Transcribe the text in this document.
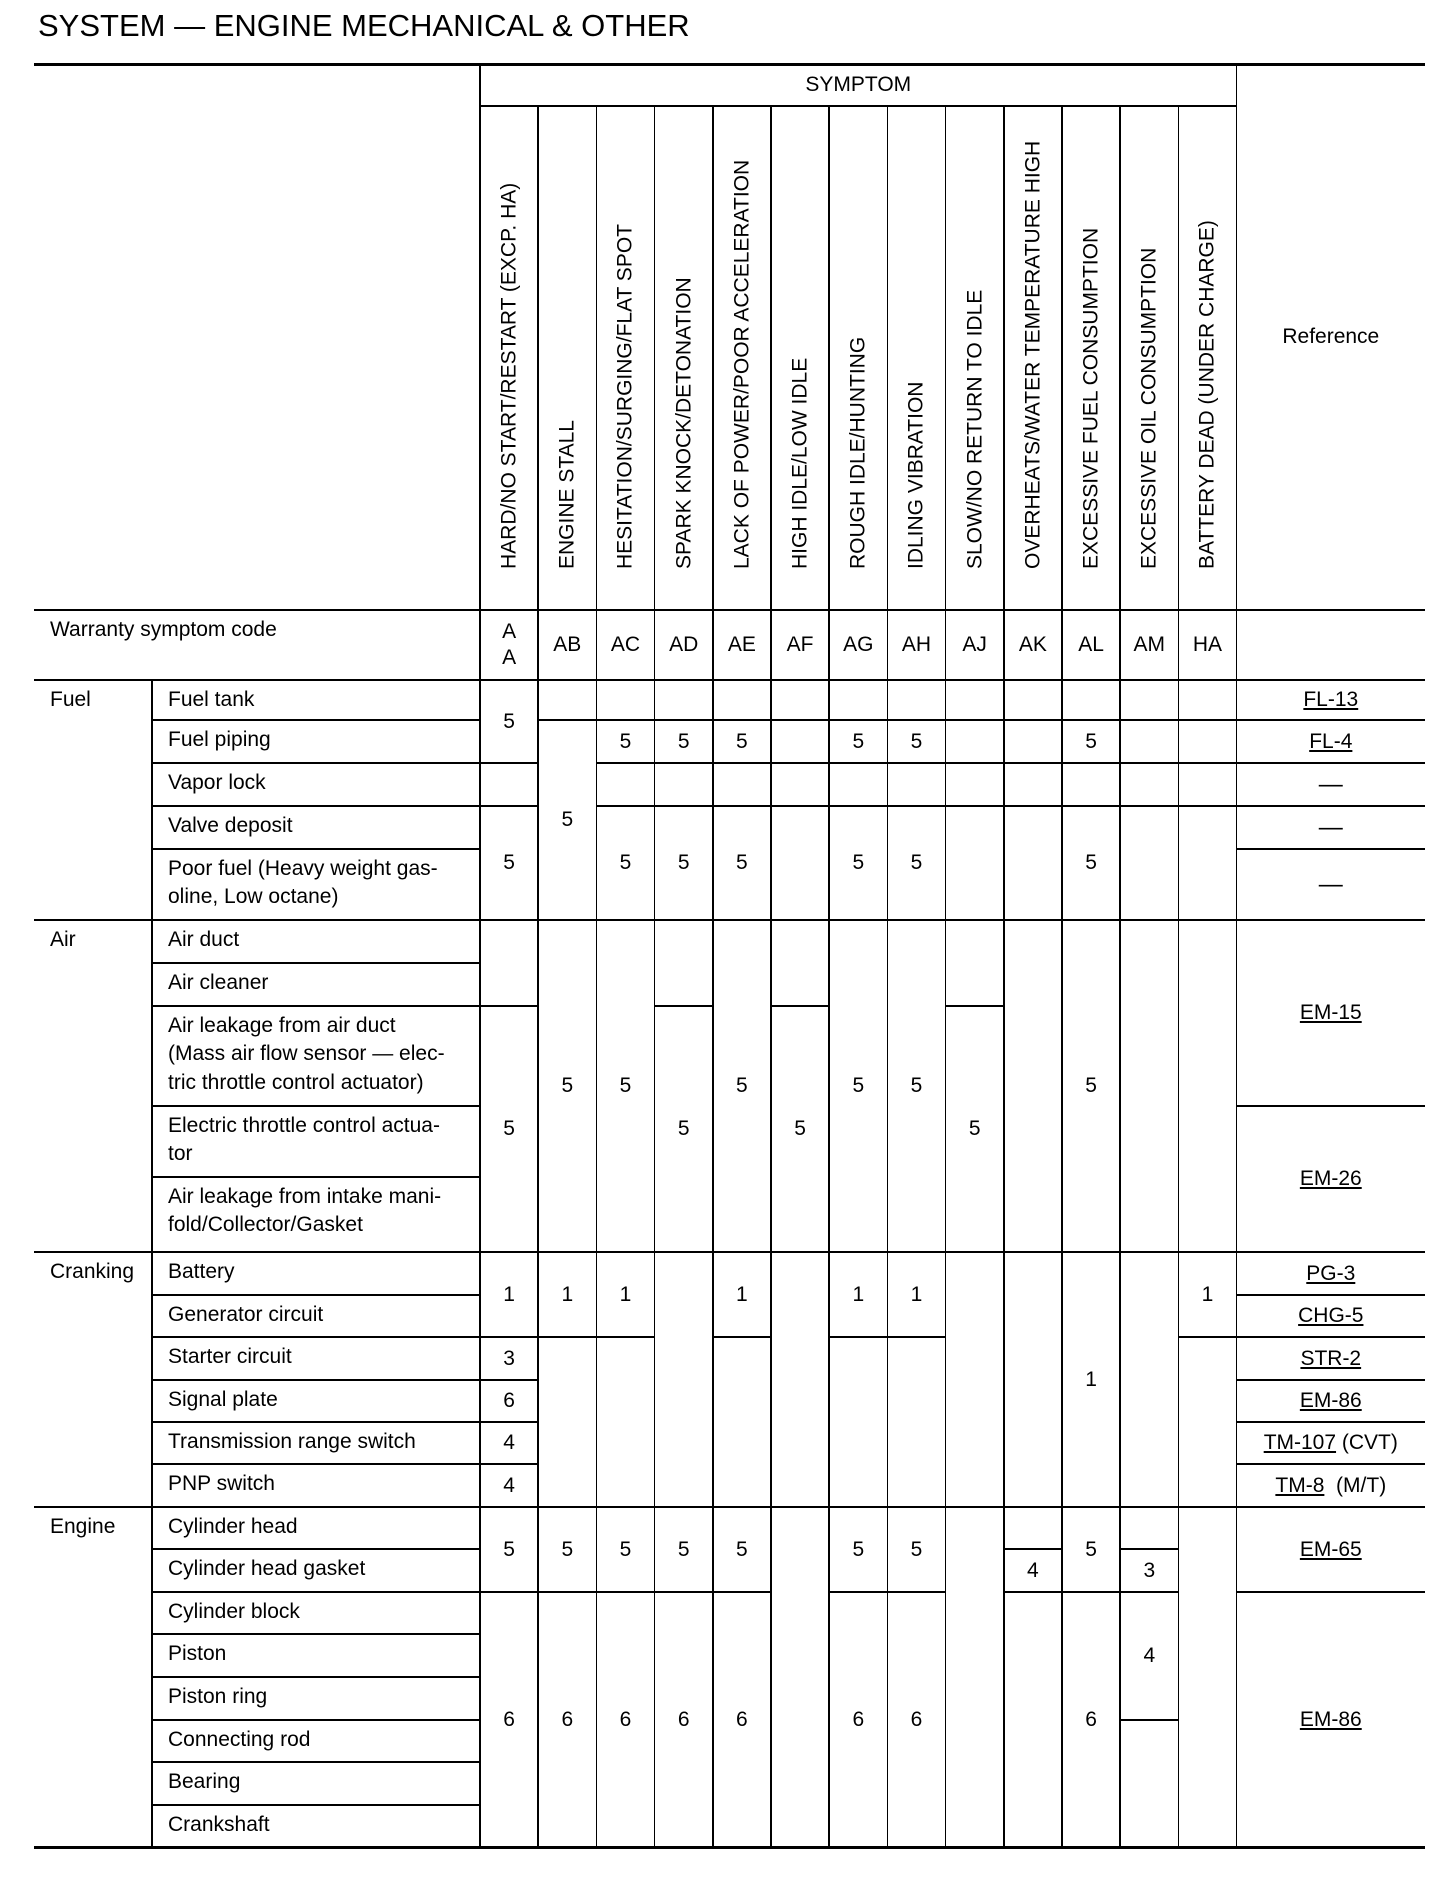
SYSTEM — ENGINE MECHANICAL & OTHER
SYMPTOM
Reference
Warranty symptom code
HARD/NO START/RESTART (EXCP. HA)
A
A
ENGINE STALL
AB
HESITATION/SURGING/FLAT SPOT
AC
SPARK KNOCK/DETONATION
AD
LACK OF POWER/POOR ACCELERATION
AE
HIGH IDLE/LOW IDLE
AF
ROUGH IDLE/HUNTING
AG
IDLING VIBRATION
AH
SLOW/NO RETURN TO IDLE
AJ
OVERHEATS/WATER TEMPERATURE HIGH
AK
EXCESSIVE FUEL CONSUMPTION
AL
EXCESSIVE OIL CONSUMPTION
AM
BATTERY DEAD (UNDER CHARGE)
HA
Fuel
Air
Cranking
Engine
Fuel tank
Fuel piping
Vapor lock
Valve deposit
Poor fuel (Heavy weight gas-
oline, Low octane)
Air duct
Air cleaner
Air leakage from air duct
(Mass air flow sensor — elec-
tric throttle control actuator)
Electric throttle control actua-
tor
Air leakage from intake mani-
fold/Collector/Gasket
Battery
Generator circuit
Starter circuit
Signal plate
Transmission range switch
PNP switch
Cylinder head
Cylinder head gasket
Cylinder block
Piston
Piston ring
Connecting rod
Bearing
Crankshaft
FL-13
FL-4
—
—
—
EM-15
EM-26
PG-3
CHG-5
STR-2
EM-86
TM-107 (CVT)
TM-8 (M/T)
EM-65
EM-86
5
5
5
1
3
6
4
4
5
6
5
5
1
5
6
5
5
5
1
5
6
5
5
5
5
6
5
5
5
1
5
6
5
5
5
5
1
5
6
5
5
5
1
5
6
5
4
5
5
5
1
5
6
3
4
1
